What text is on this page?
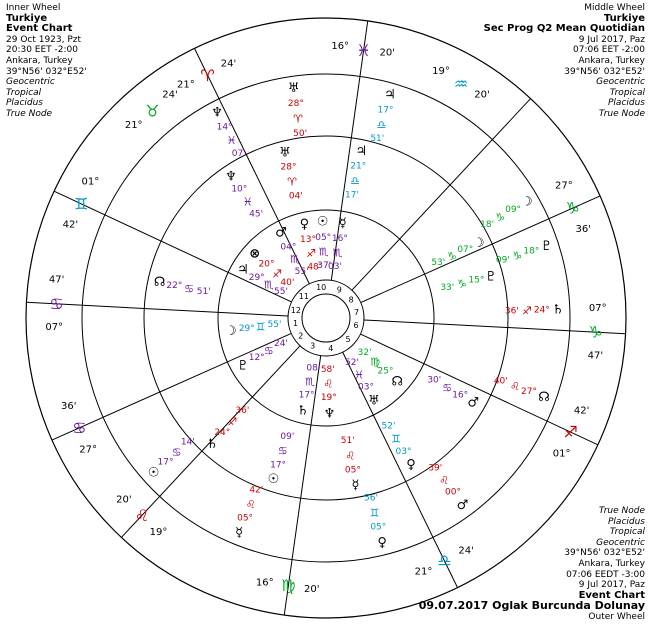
Inner Wheel
Turkiye
Event Chart
29 Oct 1923, Pzt
20:30 EET -2:00
Ankara, Turkey
39°N56' 032°E52'
Geocentric
Tropical
Placidus
True Node
Middle Wheel
Turkiye
Sec Prog Q2 Mean Quotidian
9 Jul 2017, Paz
07:06 EET -2:00
Ankara, Turkey
39°N56' 032°E52'
Geocentric
Tropical
Placidus
True Node
True Node
Placidus
Tropical
Geocentric
39°N56' 032°E52'
Ankara, Turkey
07:06 EEDT -3:00
9 Jul 2017, Paz
Event Chart
09.07.2017 Oglak Burcunda Dolunay
Outer Wheel
1
2
3 4
5
6
7
8
9
10
11
12
21°
♈
24'
16° ♓ 20'
19°
♒
20'
27°
♑
36'
07°
♑
47'
42'
♐
01°
24'
♎
21°
20'
♍
16°
19°
♌
20'
27°
♋
36'
07°
♋
47'
42'
♊
01°
21°
♉
24'
♃
29°
♏
55'
⊗
20°
♐
40'
♂
04°
♏
55'
♀
13°
♐
48'
☉
05°
♏
37'
☿
16°
♏
03'
♇
12°
♋
24'
☽ 29° ♊ 55'
♄
17°
♏
08'
♆
19°
♌
58'
♅
03°
♓
52'
☊
25°
♍
32'
☽
07°
♑
53'
♇
15°
♑
33'
☊ 22° ♋ 51'
♆
10°
♓
45'
♅
28°
♈
04'
♃
21°
♎
17'
♄
24°
♐
36'
☉
17°
♋
09'
☿
05°
♌
51'
♀
03°
♊
52'
♂
16°
♋
30'
☽
09°
♑
18'
♇
18°
♑
09'
♄
24°
♐
36'
♆
14°
♓
07'
♅
28°
♈
50'
♃
17°
♎
51'
☉
17°
♋
14'
☿
05°
♌
42'
♀
05°
♊
56'	♂
00°
♌
39'
☊
27°
♌
40'
